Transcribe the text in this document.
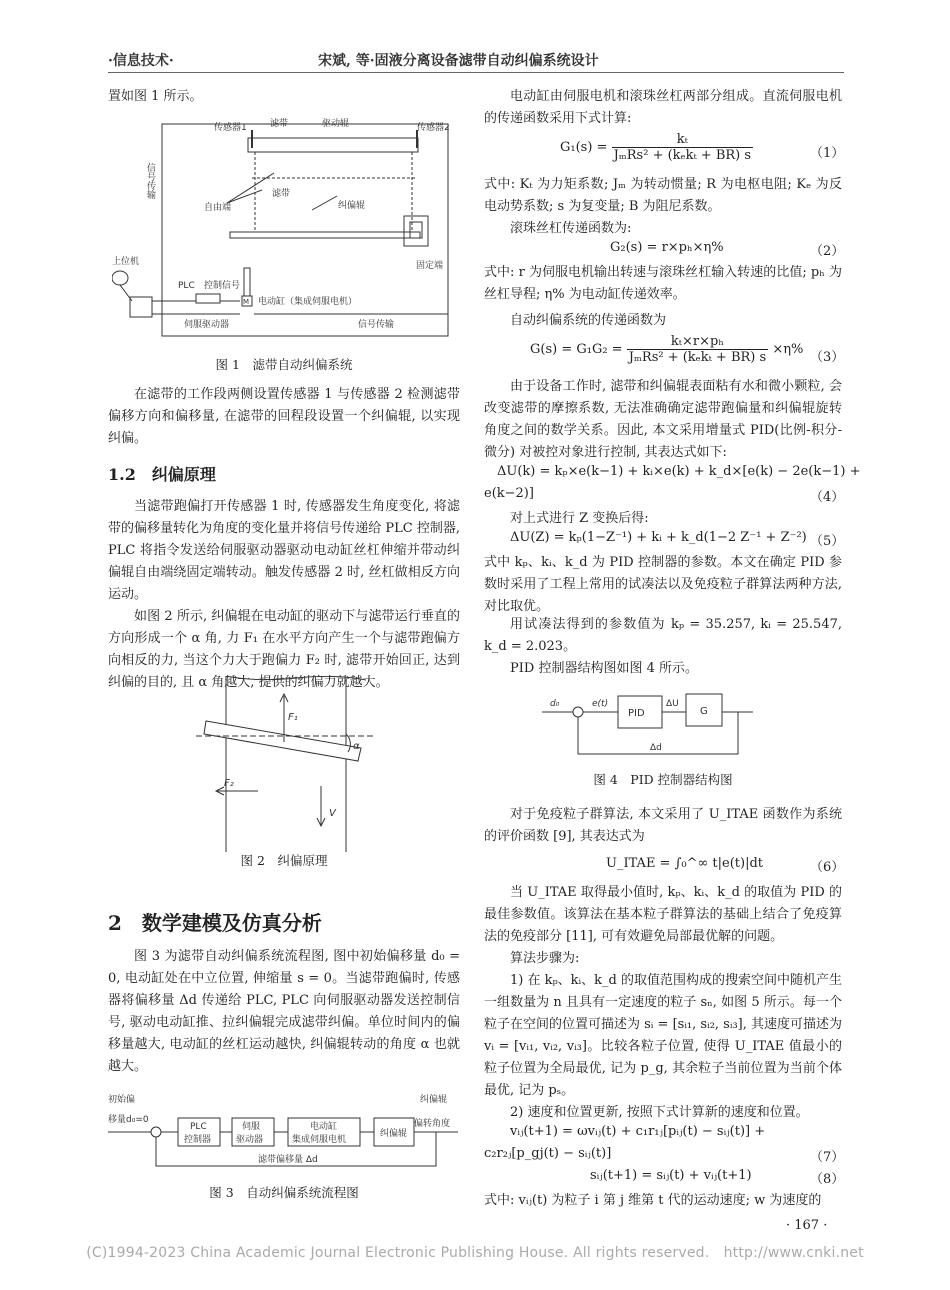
·信息技术·	宋斌, 等·固液分离设备滤带自动纠偏系统设计

置如图 1 所示。

传感器1	滤带	驱动辊	传感器2
信号传输	滤带
自由端	纠偏辊
固定端
上位机
PLC 控制信号
M 电动缸（集成伺服电机）
伺服驱动器	信号传输
图 1　滤带自动纠偏系统

在滤带的工作段两侧设置传感器 1 与传感器 2 检测滤带偏移方向和偏移量, 在滤带的回程段设置一个纠偏辊, 以实现纠偏。

1.2　纠偏原理

当滤带跑偏打开传感器 1 时, 传感器发生角度变化, 将滤带的偏移量转化为角度的变化量并将信号传递给 PLC 控制器, PLC 将指令发送给伺服驱动器驱动电动缸丝杠伸缩并带动纠偏辊自由端绕固定端转动。触发传感器 2 时, 丝杠做相反方向运动。

如图 2 所示, 纠偏辊在电动缸的驱动下与滤带运行垂直的方向形成一个 α 角, 力 F₁ 在水平方向产生一个与滤带跑偏方向相反的力, 当这个力大于跑偏力 F₂ 时, 滤带开始回正, 达到纠偏的目的, 且 α 角越大, 提供的纠偏力就越大。

F₁
F₂
α
V
图 2　纠偏原理
2　数学建模及仿真分析

图 3 为滤带自动纠偏系统流程图, 图中初始偏移量 d₀ = 0, 电动缸处在中立位置, 伸缩量 s = 0。当滤带跑偏时, 传感器将偏移量 Δd 传递给 PLC, PLC 向伺服驱动器发送控制信号, 驱动电动缸推、拉纠偏辊完成滤带纠偏。单位时间内的偏移量越大, 电动缸的丝杠运动越快, 纠偏辊转动的角度 α 也就越大。

初始偏
移量d₀=0
PLC
控制器
伺服
驱动器
电动缸
集成伺服电机
纠偏辊
纠偏辊
偏转角度
滤带偏移量 Δd
图 3　自动纠偏系统流程图

电动缸由伺服电机和滚珠丝杠两部分组成。直流伺服电机的传递函数采用下式计算:

$G_1(s) = \frac{\text{kₜ}}{\text{JₘRs² + (kₑkₜ + BR) s}}$	（1）

式中: Kₜ 为力矩系数; Jₘ 为转动惯量; R 为电枢电阻; Kₑ 为反电动势系数; s 为复变量; B 为阻尼系数。

滚珠丝杠传递函数为:

G₂(s) = r×pₕ×η%	（2）

式中: r 为伺服电机输出转速与滚珠丝杠输入转速的比值; pₕ 为丝杠导程; η% 为电动缸传递效率。

自动纠偏系统的传递函数为

$G(s) = G_1G_2 = \frac{\text{kₜ×r×pₕ}}{\text{JₘRs² + (kₑkₜ + BR) s}} \times\eta\%$
（3）

由于设备工作时, 滤带和纠偏辊表面粘有水和微小颗粒, 会改变滤带的摩擦系数, 无法准确确定滤带跑偏量和纠偏辊旋转角度之间的数学关系。因此, 本文采用增量式 PID(比例-积分-微分) 对被控对象进行控制, 其表达式如下:

ΔU(k) = kₚ×e(k−1) + kᵢ×e(k) + k_d×[e(k) − 2e(k−1) +
e(k−2)]	（4）

对上式进行 Z 变换后得:

ΔU(Z) = kₚ(1−Z⁻¹) + kᵢ + k_d(1−2 Z⁻¹ + Z⁻²) （5）

式中 kₚ、kᵢ、k_d 为 PID 控制器的参数。本文在确定 PID 参数时采用了工程上常用的试凑法以及免疫粒子群算法两种方法, 对比取优。

用试凑法得到的参数值为 kₚ = 35.257, kᵢ = 25.547, k_d = 2.023。

PID 控制器结构图如图 4 所示。

d₀	e(t)
PID
ΔU
G
Δd
图 4　PID 控制器结构图

对于免疫粒子群算法, 本文采用了 U_ITAE 函数作为系统的评价函数 [9], 其表达式为

U_ITAE = ∫₀^∞ t|e(t)|dt	（6）

当 U_ITAE 取得最小值时, kₚ、kᵢ、k_d 的取值为 PID 的最佳参数值。该算法在基本粒子群算法的基础上结合了免疫算法的免疫部分 [11], 可有效避免局部最优解的问题。

算法步骤为:

1) 在 kₚ、kᵢ、k_d 的取值范围构成的搜索空间中随机产生一组数量为 n 且具有一定速度的粒子 sₙ, 如图 5 所示。每一个粒子在空间的位置可描述为 sᵢ = [sᵢ₁, sᵢ₂, sᵢ₃], 其速度可描述为 vᵢ = [vᵢ₁, vᵢ₂, vᵢ₃]。比较各粒子位置, 使得 U_ITAE 值最小的粒子位置为全局最优, 记为 p_g, 其余粒子当前位置为当前个体最优, 记为 pₛ。

2) 速度和位置更新, 按照下式计算新的速度和位置。

vᵢⱼ(t+1) = ωvᵢⱼ(t) + c₁r₁ⱼ[pᵢⱼ(t) − sᵢⱼ(t)] +
c₂r₂ⱼ[p_gj(t) − sᵢⱼ(t)]	（7）
sᵢⱼ(t+1) = sᵢⱼ(t) + vᵢⱼ(t+1)	（8）

式中: vᵢⱼ(t) 为粒子 i 第 j 维第 t 代的运动速度; w 为速度的

· 167 ·
(C)1994-2023 China Academic Journal Electronic Publishing House. All rights reserved.　http://www.cnki.net
